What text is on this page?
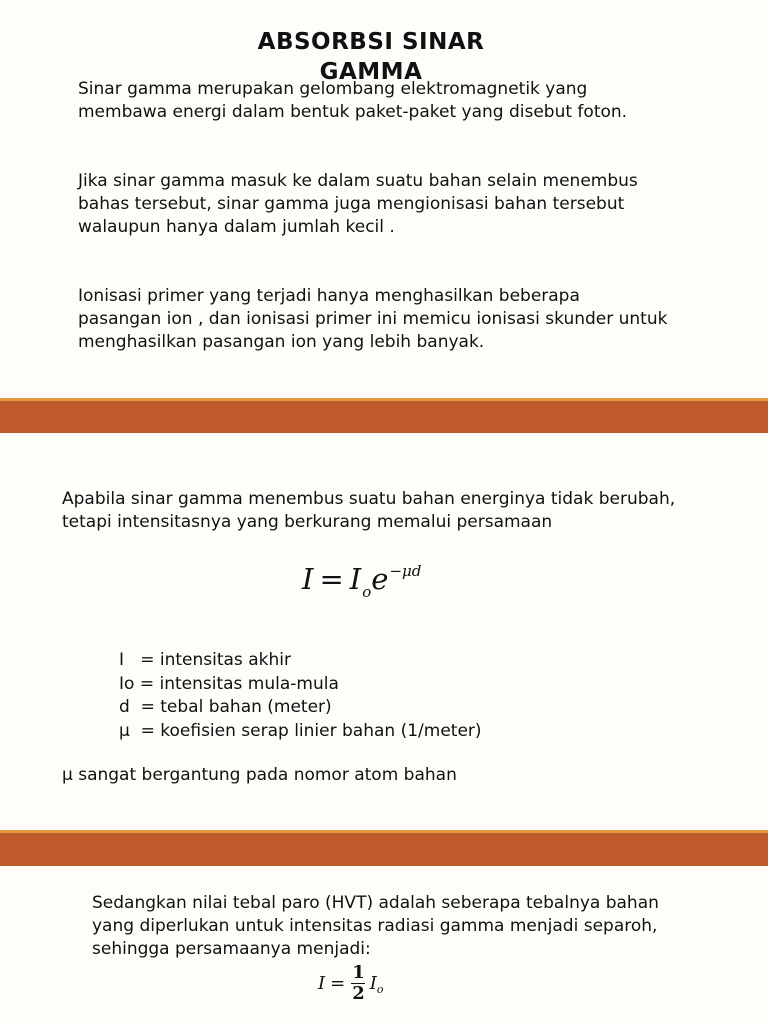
ABSORBSI SINAR GAMMA

Sinar gamma merupakan gelombang elektromagnetik yang membawa energi dalam bentuk paket-paket yang disebut foton.

Jika sinar gamma masuk ke dalam suatu bahan selain menembus bahas tersebut, sinar gamma juga mengionisasi bahan tersebut walaupun hanya dalam jumlah kecil .

Ionisasi primer yang terjadi hanya menghasilkan beberapa pasangan ion , dan ionisasi primer ini memicu ionisasi skunder untuk menghasilkan pasangan ion yang lebih banyak.

Apabila sinar gamma menembus suatu bahan energinya tidak berubah, tetapi intensitasnya yang berkurang memalui persamaan

$I = I_oe^{-\mu d}$
I   = intensitas akhir
Io = intensitas mula-mula
d  = tebal bahan (meter)
μ  = koefisien serap linier bahan (1/meter)

μ sangat bergantung pada nomor atom bahan

Sedangkan nilai tebal paro (HVT) adalah seberapa tebalnya bahan yang diperlukan untuk intensitas radiasi gamma menjadi separoh, sehingga persamaanya menjadi:

$I = \frac{1}{2}$ I o
